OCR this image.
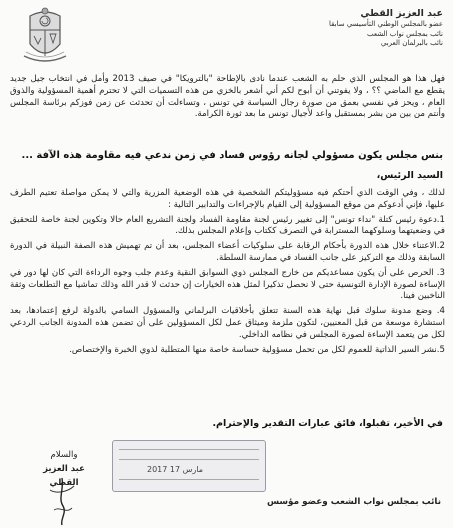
عبد العزيز القطي
عضو بالمجلس الوطني التأسيسي سابقا
نائب بمجلس نواب الشعب
نائب بالبرلمان العربي

فهل هذا هو المجلس الذي حلم به الشعب عندما نادى بالإطاحة "بالترويكا" في صيف 2013 وأمل في انتخاب جيل جديد يقطع مع الماضي ؟؟ ، ولا يفوتني أن أبوح لكم أني أشعر بالخزي من هذه التسميات التي لا تحترم أهمية المسؤولية والذوق العام ، ويحز في نفسي بعمق من صورة رجال السياسة في تونس ، وتساءلت أن تحدثت عن زمن فوزكم برئاسة المجلس وأنتم من بين من بشر بمستقبل واعد لأجيال تونس ما بعد ثورة الكرامة.

بنس مجلس يكون مسؤولي لجانه رؤوس فساد في زمن ندعي فيه مقاومة هذه الآفة ...
السيد الرئيس،

لذلك ، وفي الوقت الذي أحتكم فيه مسؤوليتكم الشخصية في هذه الوضعية المزرية والتي لا يمكن مواصلة تعتيم الطرف عليها، فإني أدعوكم من موقع المسؤولية إلى القيام بالإجراءات والتدابير التالية :

1.دعوة رئيس كتلة "نداء تونس" إلى تغيير رئيس لجنة مقاومة الفساد ولجنة التشريع العام حالا وتكوين لجنة خاصة للتحقيق في وضعيتهما وسلوكهما المسترابة في التصرف ككتاب وإعلام المجلس بذلك.

2.الاعتناء خلال هذه الدورة بأحكام الرقابة على سلوكيات أعضاء المجلس، بعد أن تم تهميش هذه الصفة النبيلة في الدورة السابقة وذلك مع التركيز على جانب الفساد في ممارسة السلطة.

3. الحرص على أن يكون مساعديكم من خارج المجلس ذوي السوابق النقية وعدم جلب وجوه الرداءة التي كان لها دور في الإساءة لصورة الإدارة التونسية حتى لا نحصل تذكيرا لمثل هذه الخيارات إن حدثت لا قدر الله وذلك تماشيا مع التطلعات وثقة الناخبين فينا.

4. وضع مدونة سلوك قبل نهاية هذه السنة تتعلق بأخلاقيات البرلماني والمسؤول السامي بالدولة لرفع إعتمادها، بعد استشارة موسعة من قبل المعنيين، لتكون ملزمة وميثاق عمل لكل المسؤولين على أن تضمن هذه المدونة الجانب الردعي لكل من يتعمد الإساءة لصورة المجلس في نظامه الداخلي.

5.نشر السير الذاتية للعموم لكل من تحمل مسؤولية حساسة خاصة منها المتطلبة لذوي الخبرة والإختصاص.

في الأخير، تقبلوا، فائق عبارات التقدير والإحترام.
2017 مارس 17
والسلام
عبد العزيز القطي
نائب بمجلس نواب الشعب وعضو مؤسس
